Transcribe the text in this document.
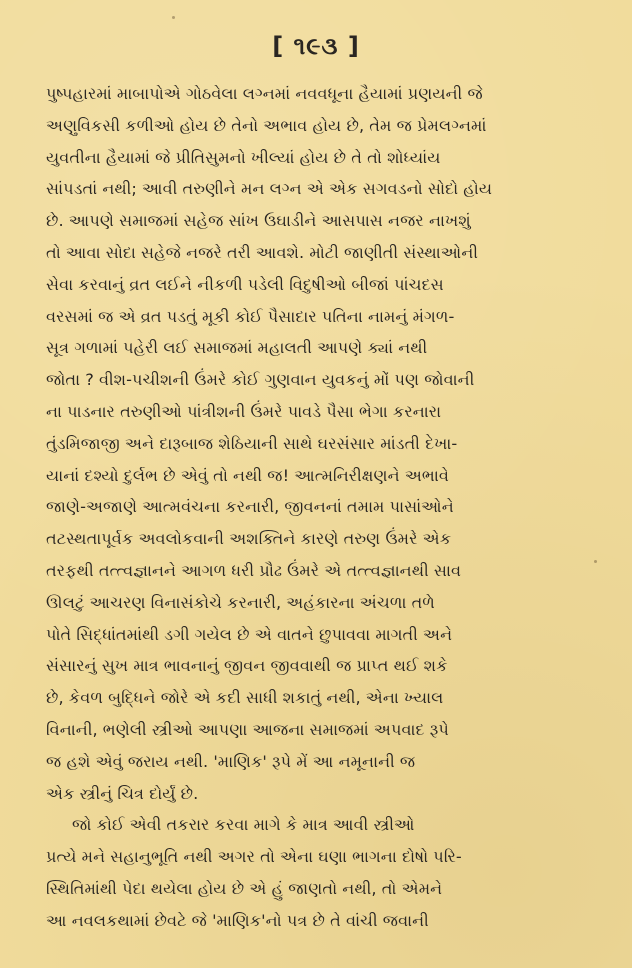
[ ૧૯૩ ]
પુષ્પહારમાં માબાપોએ ગોઠવેલા લગ્નમાં નવવધૂના હૈયામાં પ્રણયની જે
અણુવિકસી કળીઓ હોય છે તેનો અભાવ હોય છે, તેમ જ પ્રેમલગ્નમાં
યુવતીના હૈયામાં જે પ્રીતિસુમનો ખીલ્યાં હોય છે તે તો શોધ્યાંય
સાંપડતાં નથી; આવી તરુણીને મન લગ્ન એ એક સગવડનો સોદો હોય
છે. આપણે સમાજમાં સહેજ સાંખ ઉઘાડીને આસપાસ નજર નાખશું
તો આવા સોદા સહેજે નજરે તરી આવશે. મોટી જાણીતી સંસ્થાઓની
સેવા કરવાનું વ્રત લઈને નીકળી પડેલી વિદુષીઓ બીજાં પાંચદસ
વરસમાં જ એ વ્રત પડતું મૂકી કોઈ પૈસાદાર પતિના નામનું મંગળ-
સૂત્ર ગળામાં પહેરી લઈ સમાજમાં મહાલતી આપણે ક્યાં નથી
જોતા ? વીશ-પચીશની ઉંમરે કોઈ ગુણવાન યુવકનું મોં પણ જોવાની
ના પાડનાર તરુણીઓ પાંત્રીશની ઉંમરે પાવડે પૈસા ભેગા કરનારા
તુંડમિજાજી અને દારૂબાજ શેઠિયાની સાથે ઘરસંસાર માંડતી દેખા-
યાનાં દશ્યો દુર્લભ છે એવું તો નથી જ! આત્મનિરીક્ષણને અભાવે
જાણે-અજાણે આત્મવંચના કરનારી, જીવનનાં તમામ પાસાંઓને
તટસ્થતાપૂર્વક અવલોકવાની અશક્તિને કારણે તરુણ ઉંમરે એક
તરફથી તત્ત્વજ્ઞાનને આગળ ધરી પ્રૌઢ ઉંમરે એ તત્ત્વજ્ઞાનથી સાવ
ઊલટું આચરણ વિનાસંકોચે કરનારી, અહંકારના અંચળા તળે
પોતે સિદ્ધાંતમાંથી ડગી ગયેલ છે એ વાતને છુપાવવા માગતી અને
સંસારનું સુખ માત્ર ભાવનાનું જીવન જીવવાથી જ પ્રાપ્ત થઈ શકે
છે, કેવળ બુદ્ધિને જોરે એ કદી સાધી શકાતું નથી, એના ખ્યાલ
વિનાની, ભણેલી સ્ત્રીઓ આપણા આજના સમાજમાં અપવાદ રૂપે
જ હશે એવું જરાય નથી. 'માણિક' રૂપે મેં આ નમૂનાની જ
એક સ્ત્રીનું ચિત્ર દોર્યું છે.
જો કોઈ એવી તકરાર કરવા માગે કે માત્ર આવી સ્ત્રીઓ
પ્રત્યે મને સહાનુભૂતિ નથી અગર તો એના ઘણા ભાગના દોષો પરિ-
સ્થિતિમાંથી પેદા થયેલા હોય છે એ હું જાણતો નથી, તો એમને
આ નવલકથામાં છેવટે જે 'માણિક'નો પત્ર છે તે વાંચી જવાની
